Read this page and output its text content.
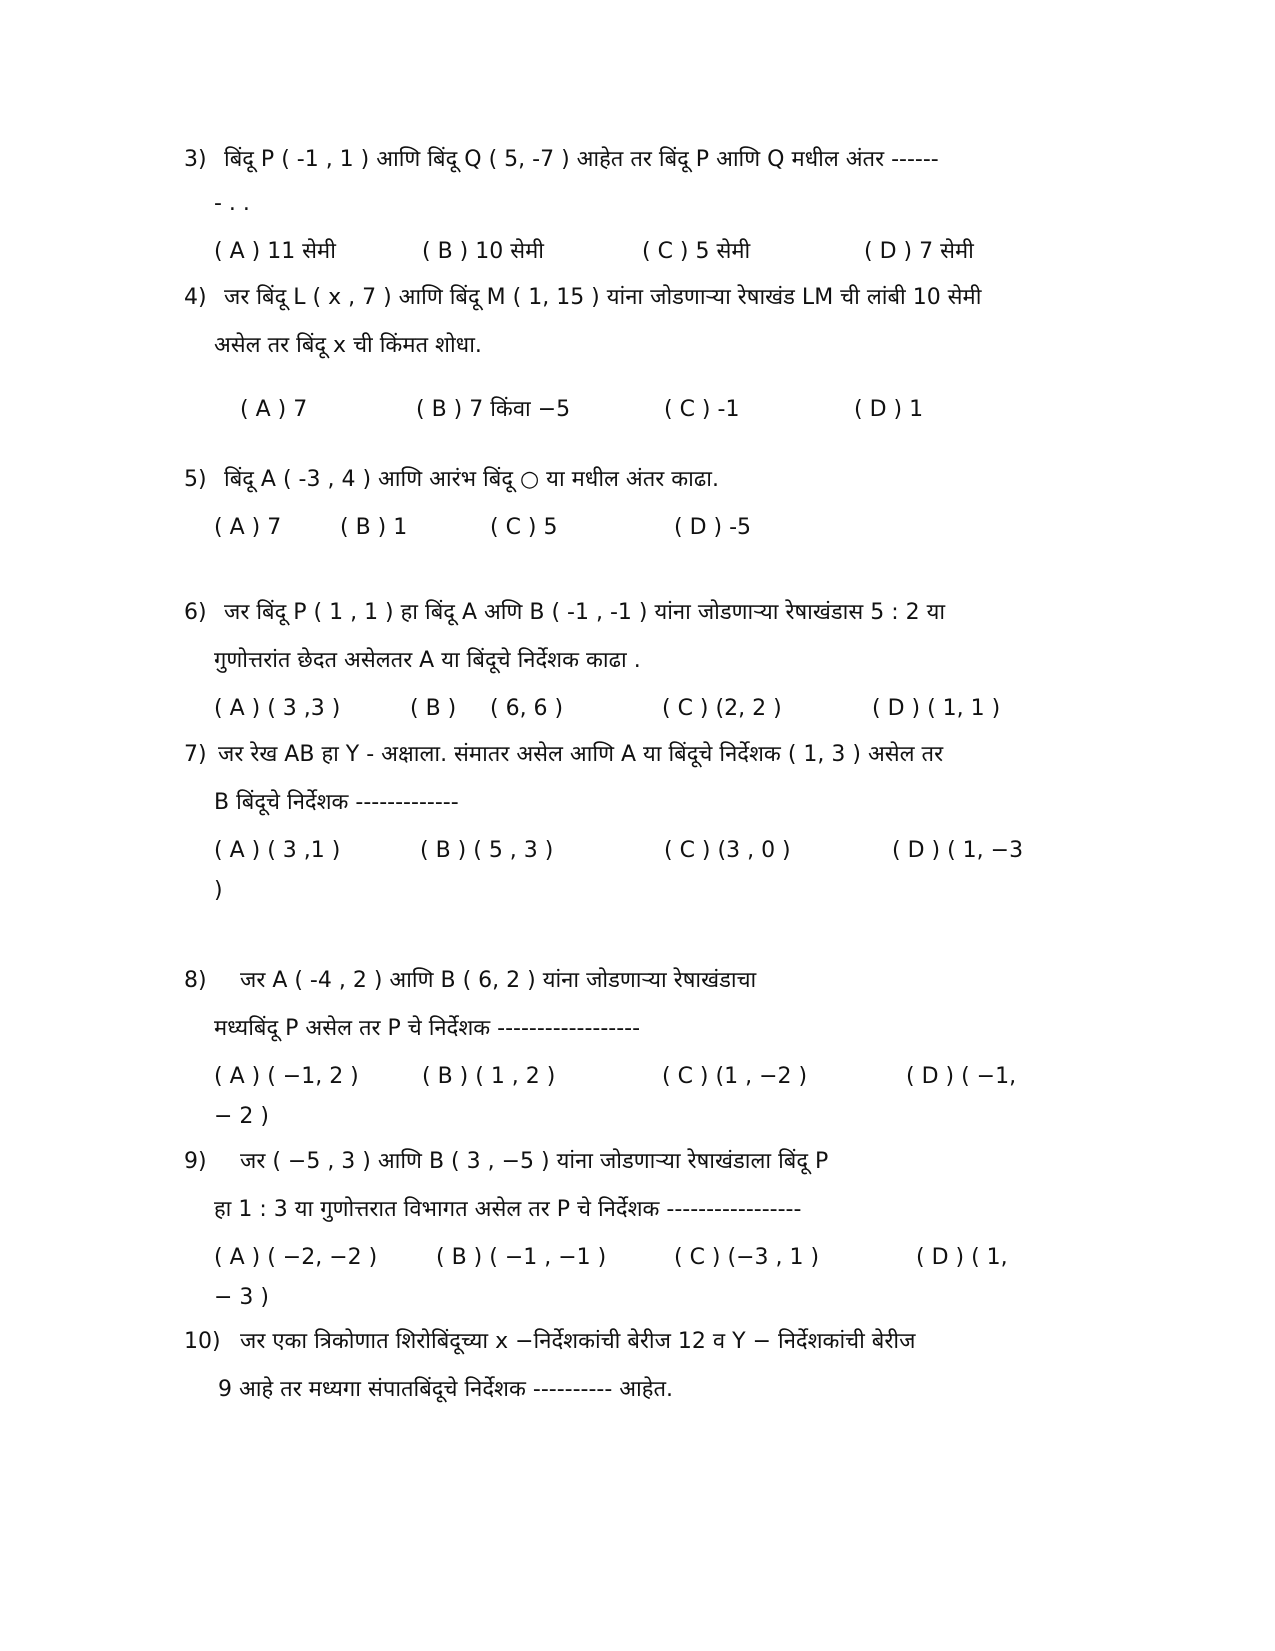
3) बिंदू P ( -1 , 1 ) आणि बिंदू Q ( 5, -7 ) आहेत तर बिंदू P आणि Q मधील अंतर ------
- . .
( A ) 11 सेमी	( B ) 10 सेमी	( C ) 5 सेमी	( D ) 7 सेमी
4) जर बिंदू L ( x , 7 ) आणि बिंदू M ( 1, 15 ) यांना जोडणाऱ्या रेषाखंड LM ची लांबी 10 सेमी
असेल तर बिंदू x ची किंमत शोधा.
( A ) 7	( B ) 7 किंवा −5	( C ) -1	( D ) 1
5) बिंदू A ( -3 , 4 ) आणि आरंभ बिंदू ○ या मधील अंतर काढा.
( A ) 7	( B ) 1	( C ) 5	( D ) -5
6) जर बिंदू P ( 1 , 1 ) हा बिंदू A अणि B ( -1 , -1 ) यांना जोडणाऱ्या रेषाखंडास 5 : 2 या
गुणोत्तरांत छेदत असेलतर A या बिंदूचे निर्देशक काढा .
( A ) ( 3 ,3 )	( B ) ( 6, 6 )	( C ) (2, 2 )	( D ) ( 1, 1 )
7) जर रेख AB हा Y - अक्षाला. संमातर असेल आणि A या बिंदूचे निर्देशक ( 1, 3 ) असेल तर
B बिंदूचे निर्देशक -------------
( A ) ( 3 ,1 )	( B ) ( 5 , 3 )	( C ) (3 , 0 )	( D ) ( 1, −3
)
8) जर A ( -4 , 2 ) आणि B ( 6, 2 ) यांना जोडणाऱ्या रेषाखंडाचा
मध्यबिंदू P असेल तर P चे निर्देशक ------------------
( A ) ( −1, 2 )	( B ) ( 1 , 2 )	( C ) (1 , −2 )	( D ) ( −1,
− 2 )
9) जर ( −5 , 3 ) आणि B ( 3 , −5 ) यांना जोडणाऱ्या रेषाखंडाला बिंदू P
हा 1 : 3 या गुणोत्तरात विभागत असेल तर P चे निर्देशक -----------------
( A ) ( −2, −2 )	( B ) ( −1 , −1 )	( C ) (−3 , 1 )	( D ) ( 1,
− 3 )
10) जर एका त्रिकोणात शिरोबिंदूच्या x −निर्देशकांची बेरीज 12 व Y − निर्देशकांची बेरीज
9 आहे तर मध्यगा संपातबिंदूचे निर्देशक ---------- आहेत.
